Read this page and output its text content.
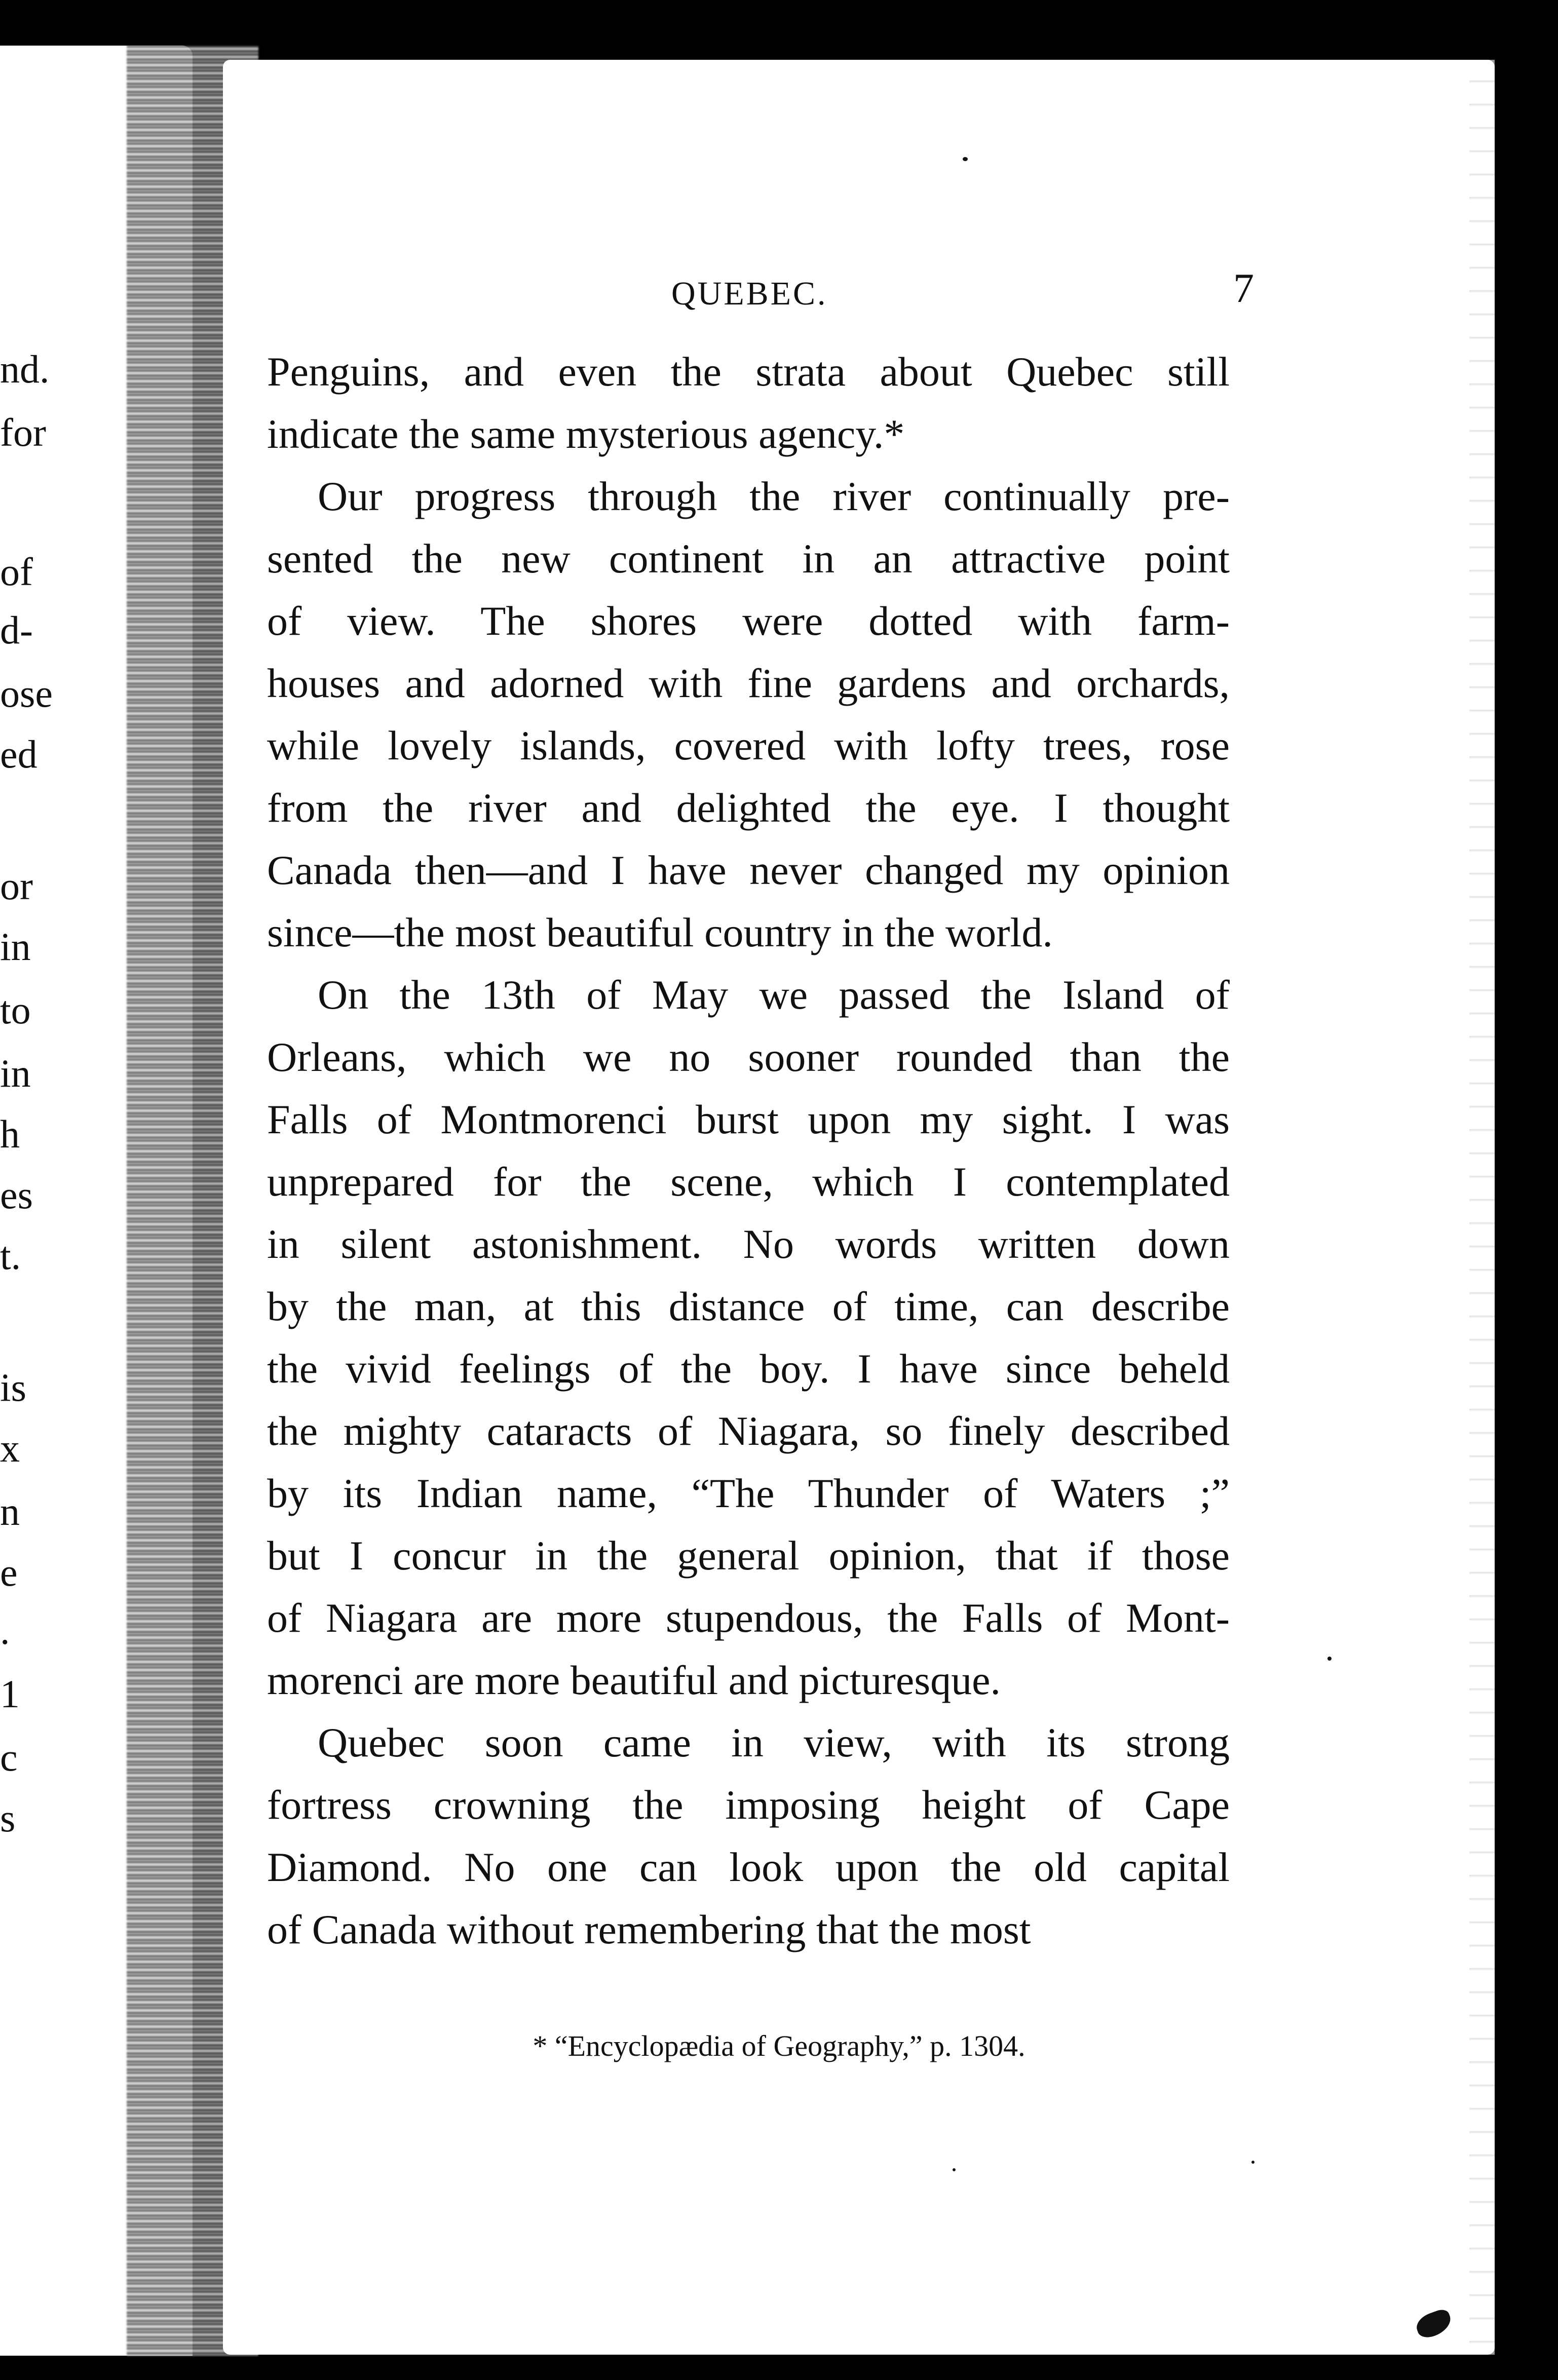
nd.
for
of
d-
ose
ed
or
in
to
in
h
es
t.
is
x
n
e
.
1
c
s
QUEBEC.	7

Penguins, and even the strata about Quebec still
indicate the same mysterious agency.*

Our progress through the river continually pre-
sented the new continent in an attractive point
of view. The shores were dotted with farm-
houses and adorned with fine gardens and orchards,
while lovely islands, covered with lofty trees, rose
from the river and delighted the eye. I thought
Canada then—and I have never changed my opinion
since—the most beautiful country in the world.

On the 13th of May we passed the Island of
Orleans, which we no sooner rounded than the
Falls of Montmorenci burst upon my sight. I was
unprepared for the scene, which I contemplated
in silent astonishment. No words written down
by the man, at this distance of time, can describe
the vivid feelings of the boy. I have since beheld
the mighty cataracts of Niagara, so finely described
by its Indian name, “The Thunder of Waters ;”
but I concur in the general opinion, that if those
of Niagara are more stupendous, the Falls of Mont-
morenci are more beautiful and picturesque.

Quebec soon came in view, with its strong
fortress crowning the imposing height of Cape
Diamond. No one can look upon the old capital
of Canada without remembering that the most

* “Encyclopædia of Geography,” p. 1304.
